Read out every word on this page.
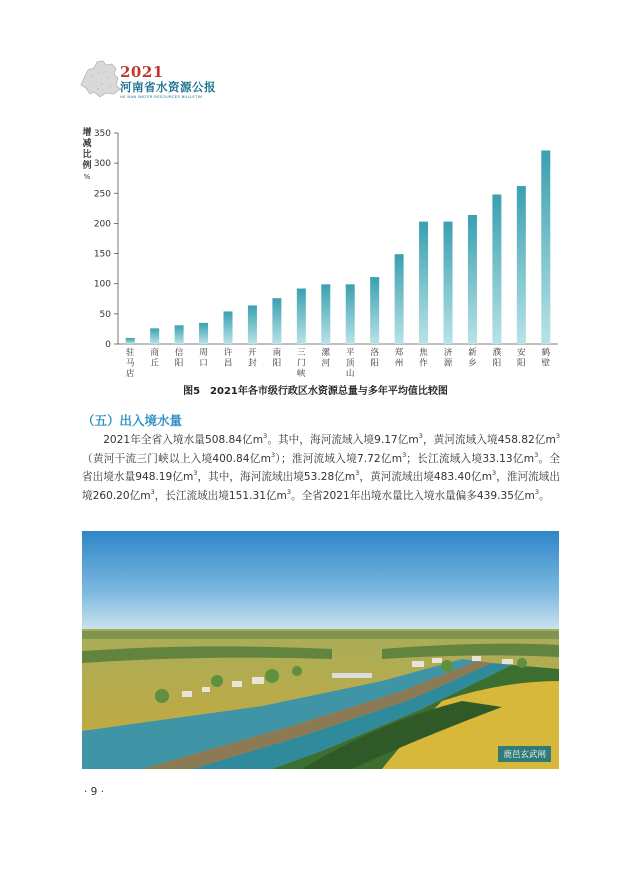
2021
河南省水资源公报
HE NAN WATER RESOURCES BULLETIN
增
减
比
例
%
0
50
100
150
200
250
300
350
驻
马
店
商
丘
信
阳
周
口
许
昌
开
封
南
阳
三
门
峡
漯
河
平
顶
山
洛
阳
郑
州
焦
作
济
源
新
乡
濮
阳
安
阳
鹤
壁
图5　2021年各市级行政区水资源总量与多年平均值比较图
（五）出入境水量

2021年全省入境水量508.84亿$m^3$。其中，海河流域入境9.17亿$m^3$，黄河流域入境458.82亿$m^3$（黄河干流三门峡以上入境400.84亿$m^3$）；淮河流域入境7.72亿$m^3$；长江流域入境33.13亿$m^3$。全省出境水量948.19亿$m^3$，其中，海河流域出境53.28亿$m^3$，黄河流域出境483.40亿$m^3$，淮河流域出境260.20亿$m^3$，长江流域出境151.31亿$m^3$。全省2021年出境水量比入境水量偏多439.35亿$m^3$。

鹿邑玄武闸
· 9 ·
